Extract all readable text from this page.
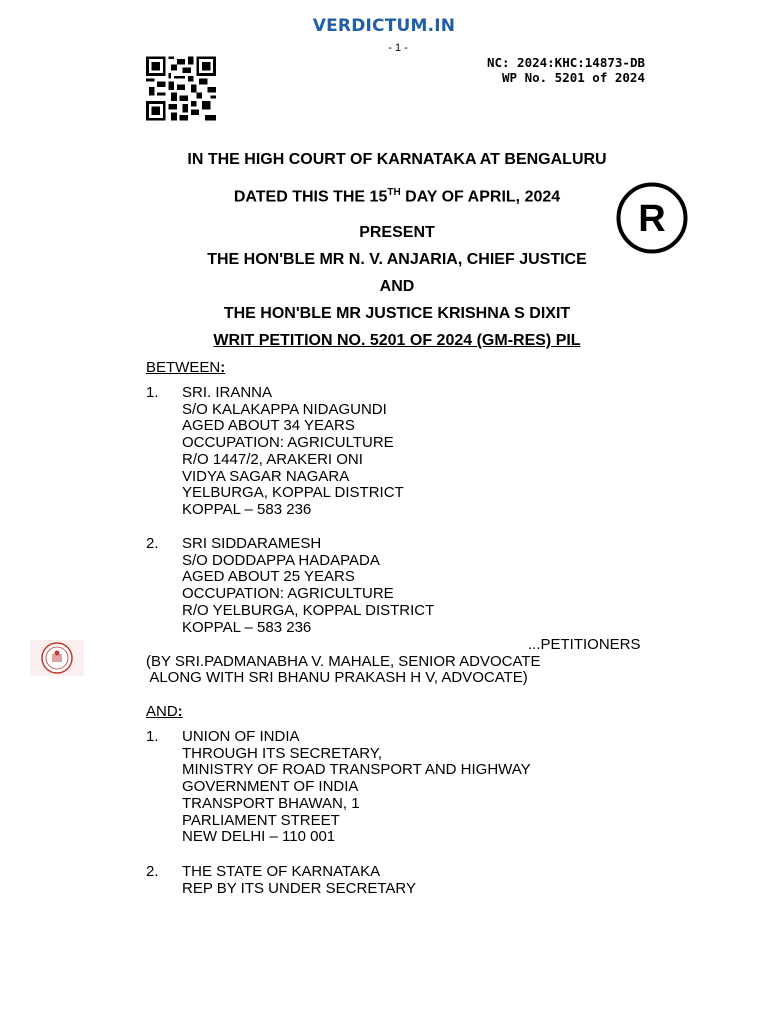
VERDICTUM.IN
- 1 -
NC: 2024:KHC:14873-DB
WP No. 5201 of 2024
R
IN THE HIGH COURT OF KARNATAKA AT BENGALURU
DATED THIS THE 15TH DAY OF APRIL, 2024
PRESENT
THE HON'BLE MR N. V. ANJARIA, CHIEF JUSTICE
AND
THE HON'BLE MR JUSTICE KRISHNA S DIXIT
WRIT PETITION NO. 5201 OF 2024 (GM-RES) PIL
BETWEEN:
1. SRI. IRANNA
S/O KALAKAPPA NIDAGUNDI
AGED ABOUT 34 YEARS
OCCUPATION: AGRICULTURE
R/O 1447/2, ARAKERI ONI
VIDYA SAGAR NAGARA
YELBURGA, KOPPAL DISTRICT
KOPPAL – 583 236
2. SRI SIDDARAMESH
S/O DODDAPPA HADAPADA
AGED ABOUT 25 YEARS
OCCUPATION: AGRICULTURE
R/O YELBURGA, KOPPAL DISTRICT
KOPPAL – 583 236
...PETITIONERS
(BY SRI.PADMANABHA V. MAHALE, SENIOR ADVOCATE
ALONG WITH SRI BHANU PRAKASH H V, ADVOCATE)
AND:
1. UNION OF INDIA
THROUGH ITS SECRETARY,
MINISTRY OF ROAD TRANSPORT AND HIGHWAY
GOVERNMENT OF INDIA
TRANSPORT BHAWAN, 1
PARLIAMENT STREET
NEW DELHI – 110 001
2. THE STATE OF KARNATAKA
REP BY ITS UNDER SECRETARY
